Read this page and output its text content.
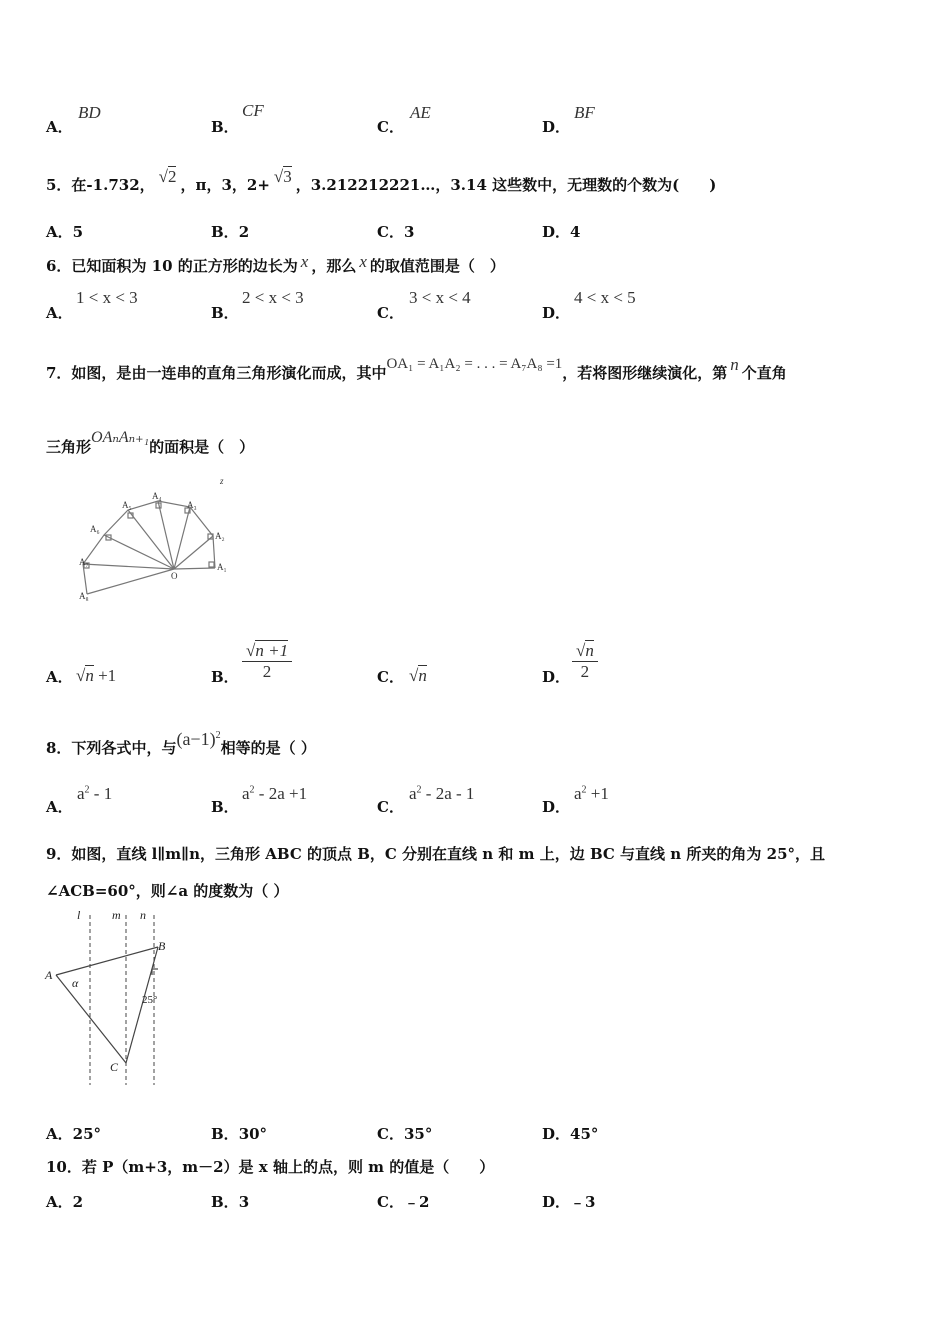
A．
BD
B．
CF
C．
AE
D．
BF
5．在-1.732， √2 ，π，3，2+ √3 ，3.212212221…，3.14 这些数中，无理数的个数为(　　)
A．5	B．2	C．3	D．4
6．已知面积为 10 的正方形的边长为 x ，那么 x 的取值范围是（　）
A．
1 < x < 3
B．
2 < x < 3
C．
3 < x < 4
D．
4 < x < 5
7．如图，是由一连串的直角三角形演化而成，其中OA₁ = A₁A₂ = . . . = A₇A₈ =1，若将图形继续演化，第 n 个直角
三角形OAₙAₙ₊₁的面积是（　）
A₁
A₂
A₃
A₄
A₅
A₆
A₇
A₈
O
z
A． √n +1	B． $\frac{√n +1}{2}$	C． √n	D． $\frac{√n}{2}$
8．下列各式中，与$(a-1)^2$相等的是（ ）
A．
$a^2 - 1$
B．
$a^2 - 2a +1$
C．
$a^2 - 2a - 1$
D．
$a^2 +1$
9．如图，直线 l∥m∥n，三角形 ABC 的顶点 B，C 分别在直线 n 和 m 上，边 BC 与直线 n 所夹的角为 25°，且
∠ACB=60°，则∠a 的度数为（ ）
l	m n
A
B
C
α
25°
A．25°	B．30°	C．35°	D．45°
10．若 P（m+3，m－2）是 x 轴上的点，则 m 的值是（　　）
A．2	B．3	C．﹣2	D．﹣3
